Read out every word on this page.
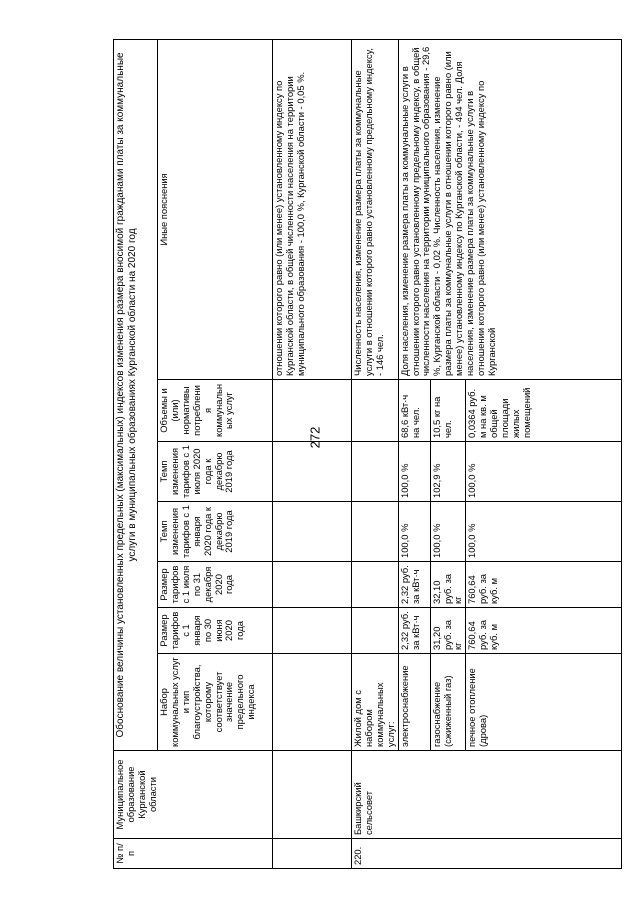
272
№ п/п	Муниципальное образование Курганской области	Обоснование величины установленных предельных (максимальных) индексов изменения размера вносимой гражданами платы за коммунальные услуги в муниципальных образованиях Курганской области на 2020 год						
		Набор коммунальных услуг и тип благоустройства, которому соответствует значение предельного индекса	Размер тарифов с 1 января по 30 июня 2020 года	Размер тарифов с 1 июля по 31 декабря 2020 года	Темп изменения тарифов с 1 января 2020 года к декабрю 2019 года	Темп изменения тарифов с 1 июля 2020 года к декабрю 2019 года	Объемы и (или) нормативы потребления коммунальных услуг	Иные пояснения
								отношении которого равно (или менее) установленному индексу по Курганской области, в общей численности населения на территории муниципального образования - 100,0 %, Курганской области - 0,05 %.
220.	Башкирский сельсовет	Жилой дом с набором коммунальных услуг:						Численность населения, изменение размера платы за коммунальные услуги в отношении которого равно установленному предельному индексу, - 146 чел.
		электроснабжение	2,32 руб. за кВт·ч	2,32 руб. за кВт·ч	100,0 %	100,0 %	68,6 кВт·ч на чел.	Доля населения, изменение размера платы за коммунальные услуги в отношении которого равно установленному предельному индексу, в общей численности населения на территории муниципального образования - 29,6 %, Курганской области - 0,02 %. Численность населения, изменение размера платы за коммунальные услуги в отношении которого равно (или менее) установленному индексу по Курганской области, - 494 чел. Доля населения, изменение размера платы за коммунальные услуги в отношении которого равно (или менее) установленному индексу по Курганской
		газоснабжение (сжиженный газ)	31,20 руб. за кг	32,10 руб. за кг	100,0 %	102,9 %	10,5 кг на чел.	
		печное отопление (дрова)	760,64 руб. за куб. м	760,64 руб. за куб. м	100,0 %	100,0 %	0,0364 руб. м на кв. м общей площади жилых помещений	
